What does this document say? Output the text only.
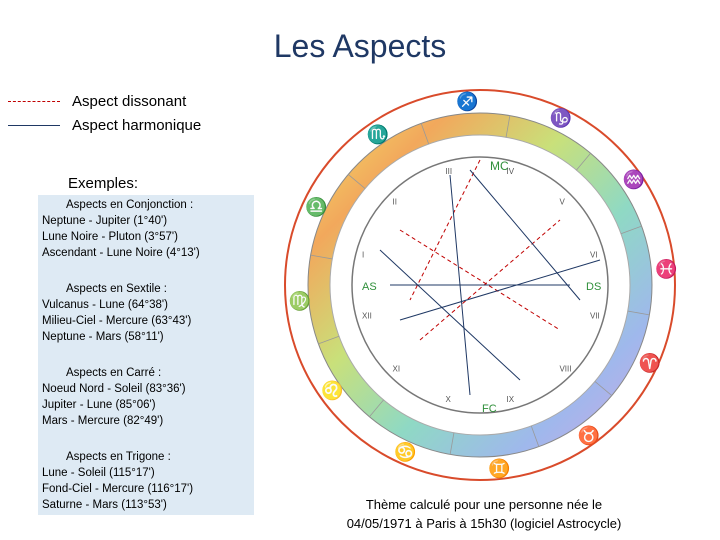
Les Aspects
Aspect dissonant
Aspect harmonique
Exemples:
Aspects en Conjonction :
Neptune - Jupiter (1°40')
Lune Noire - Pluton (3°57')
Ascendant - Lune Noire (4°13')
Aspects en Sextile :
Vulcanus - Lune (64°38')
Milieu-Ciel - Mercure (63°43')
Neptune - Mars (58°11')
Aspects en Carré :
Noeud Nord - Soleil (83°36')
Jupiter - Lune (85°06')
Mars - Mercure (82°49')
Aspects en Trigone :
Lune - Soleil (115°17')
Fond-Ciel - Mercure (116°17')
Saturne - Mars (113°53')
MC
FC
AS	DS
I
II
III	IV
V
VI
VII
VIII
IX
X
XI
XII
♈
♉
♊
♋
♌
♍
♎
♏
♐
♑
♒
♓
Thème calculé pour une personne née le
04/05/1971 à Paris à 15h30 (logiciel Astrocycle)
